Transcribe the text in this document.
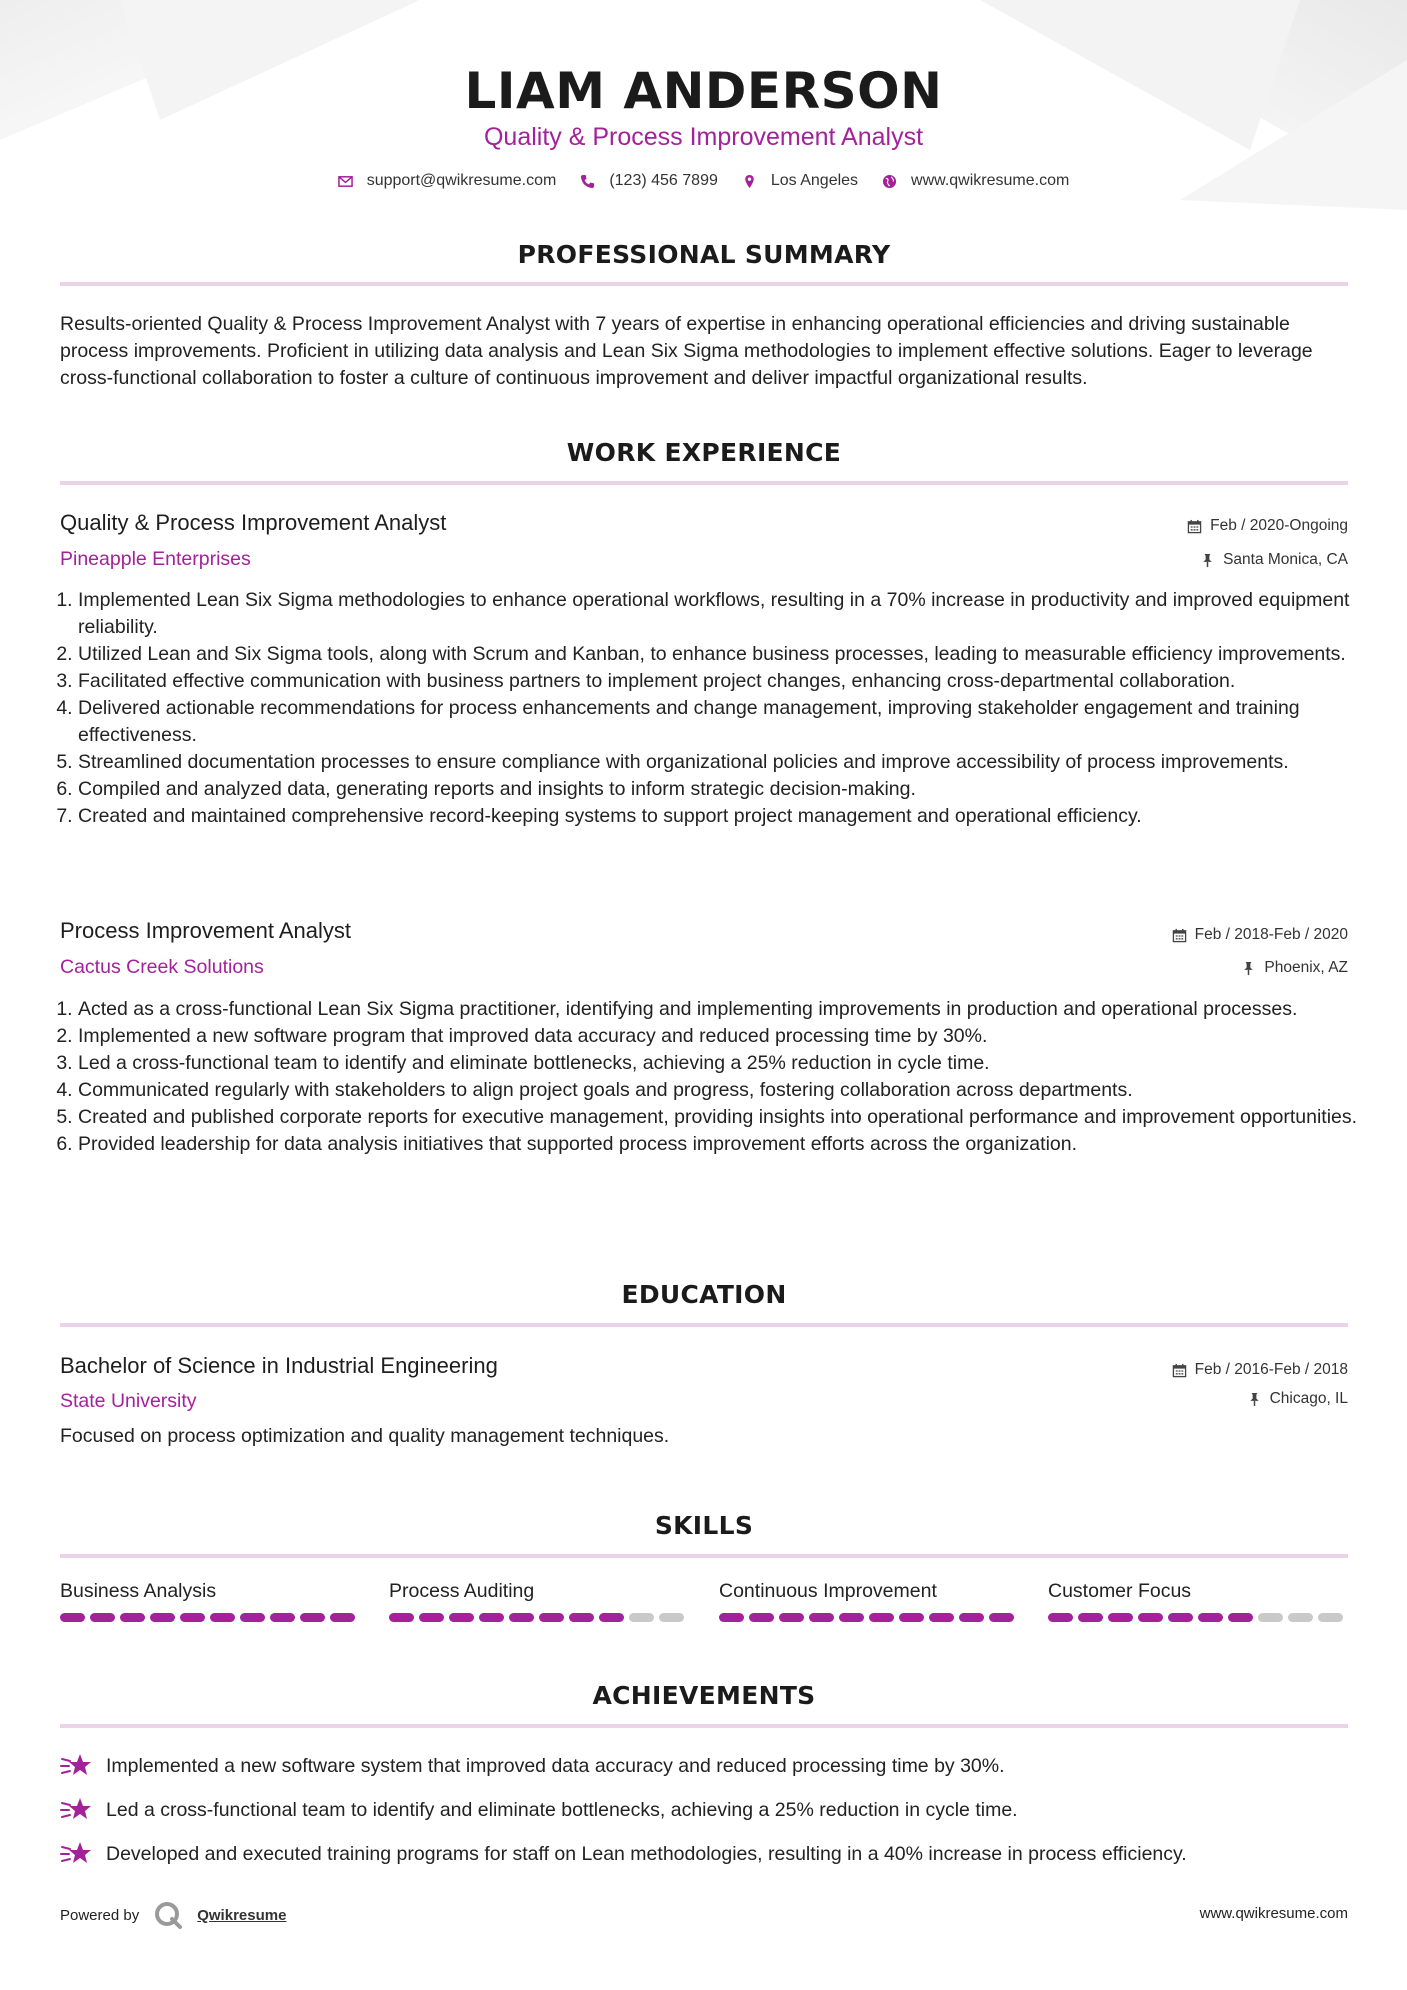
LIAM ANDERSON
Quality & Process Improvement Analyst
support@qwikresume.com	(123) 456 7899	Los Angeles	www.qwikresume.com
PROFESSIONAL SUMMARY

Results-oriented Quality & Process Improvement Analyst with 7 years of expertise in enhancing operational efficiencies and driving sustainable process improvements. Proficient in utilizing data analysis and Lean Six Sigma methodologies to implement effective solutions. Eager to leverage cross-functional collaboration to foster a culture of continuous improvement and deliver impactful organizational results.

WORK EXPERIENCE
Quality & Process Improvement Analyst	Feb / 2020-Ongoing
Pineapple Enterprises	Santa Monica, CA
1. Implemented Lean Six Sigma methodologies to enhance operational workflows, resulting in a 70% increase in productivity and improved equipment reliability.
2. Utilized Lean and Six Sigma tools, along with Scrum and Kanban, to enhance business processes, leading to measurable efficiency improvements.
3. Facilitated effective communication with business partners to implement project changes, enhancing cross-departmental collaboration.
4. Delivered actionable recommendations for process enhancements and change management, improving stakeholder engagement and training effectiveness.
5. Streamlined documentation processes to ensure compliance with organizational policies and improve accessibility of process improvements.
6. Compiled and analyzed data, generating reports and insights to inform strategic decision-making.
7. Created and maintained comprehensive record-keeping systems to support project management and operational efficiency.
Process Improvement Analyst	Feb / 2018-Feb / 2020
Cactus Creek Solutions	Phoenix, AZ
1. Acted as a cross-functional Lean Six Sigma practitioner, identifying and implementing improvements in production and operational processes.
2. Implemented a new software program that improved data accuracy and reduced processing time by 30%.
3. Led a cross-functional team to identify and eliminate bottlenecks, achieving a 25% reduction in cycle time.
4. Communicated regularly with stakeholders to align project goals and progress, fostering collaboration across departments.
5. Created and published corporate reports for executive management, providing insights into operational performance and improvement opportunities.
6. Provided leadership for data analysis initiatives that supported process improvement efforts across the organization.
EDUCATION
Bachelor of Science in Industrial Engineering	Feb / 2016-Feb / 2018
State University	Chicago, IL

Focused on process optimization and quality management techniques.

SKILLS
Business Analysis	Process Auditing	Continuous Improvement	Customer Focus
ACHIEVEMENTS
Implemented a new software system that improved data accuracy and reduced processing time by 30%.
Led a cross-functional team to identify and eliminate bottlenecks, achieving a 25% reduction in cycle time.
Developed and executed training programs for staff on Lean methodologies, resulting in a 40% increase in process efficiency.
Powered by	Qwikresume	www.qwikresume.com
